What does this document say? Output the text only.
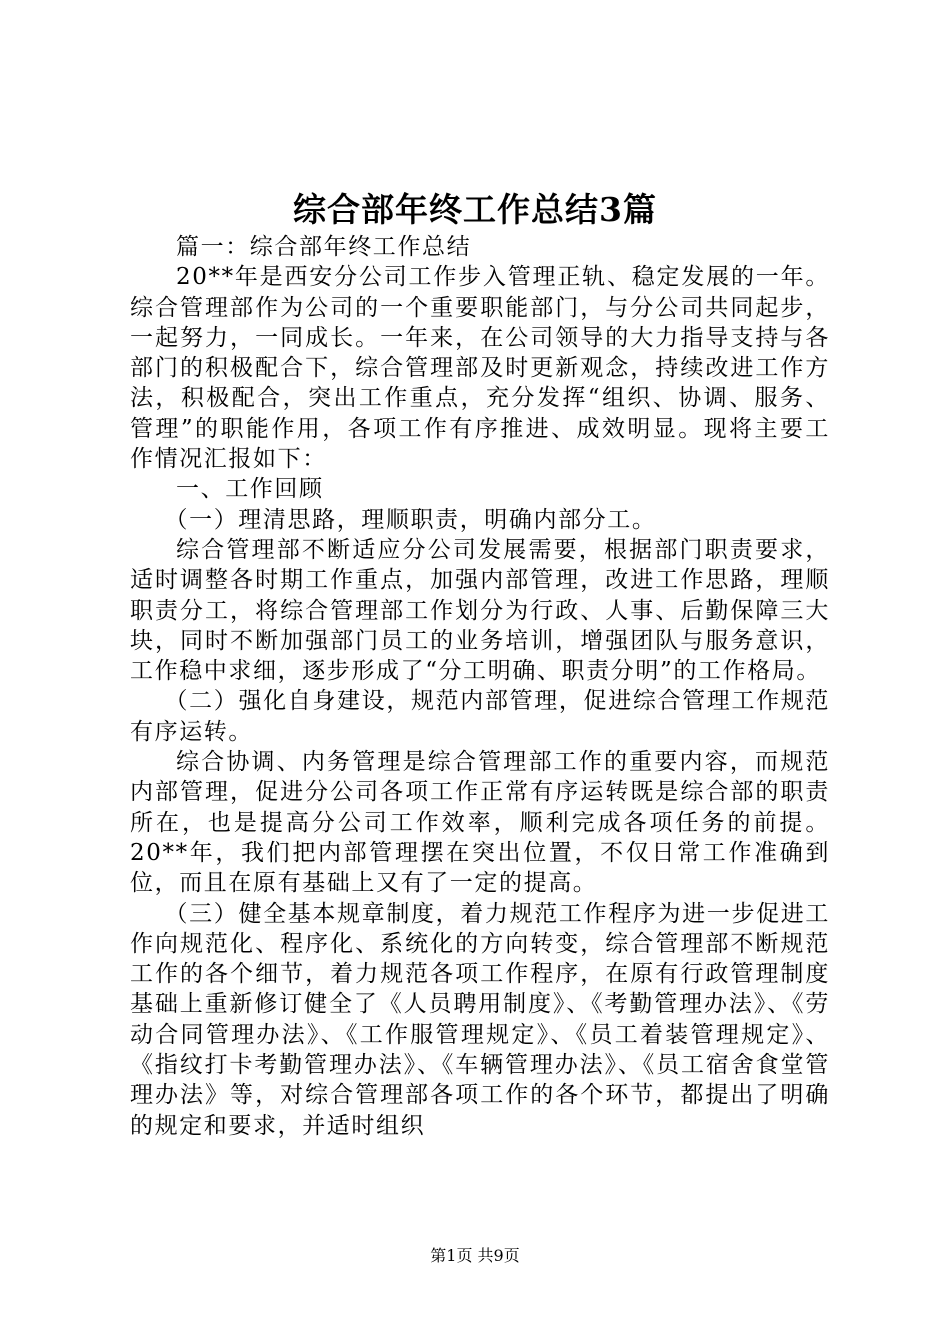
综合部年终工作总结3篇

篇一：综合部年终工作总结

20**年是西安分公司工作步入管理正轨、稳定发展的一年。综合管理部作为公司的一个重要职能部门，与分公司共同起步，一起努力，一同成长。一年来，在公司领导的大力指导支持与各部门的积极配合下，综合管理部及时更新观念，持续改进工作方法，积极配合，突出工作重点，充分发挥“组织、协调、服务、管理”的职能作用，各项工作有序推进、成效明显。现将主要工作情况汇报如下：

一、工作回顾

（一）理清思路，理顺职责，明确内部分工。

综合管理部不断适应分公司发展需要，根据部门职责要求，适时调整各时期工作重点，加强内部管理，改进工作思路，理顺职责分工，将综合管理部工作划分为行政、人事、后勤保障三大块，同时不断加强部门员工的业务培训，增强团队与服务意识，工作稳中求细，逐步形成了“分工明确、职责分明”的工作格局。

（二）强化自身建设，规范内部管理，促进综合管理工作规范有序运转。

综合协调、内务管理是综合管理部工作的重要内容，而规范内部管理，促进分公司各项工作正常有序运转既是综合部的职责所在，也是提高分公司工作效率，顺利完成各项任务的前提。20**年，我们把内部管理摆在突出位置，不仅日常工作准确到位，而且在原有基础上又有了一定的提高。

（三）健全基本规章制度，着力规范工作程序为进一步促进工作向规范化、程序化、系统化的方向转变，综合管理部不断规范工作的各个细节，着力规范各项工作程序，在原有行政管理制度基础上重新修订健全了《人员聘用制度》、《考勤管理办法》、《劳动合同管理办法》、《工作服管理规定》、《员工着装管理规定》、《指纹打卡考勤管理办法》、《车辆管理办法》、《员工宿舍食堂管理办法》等，对综合管理部各项工作的各个环节，都提出了明确的规定和要求，并适时组织

第1页 共9页
